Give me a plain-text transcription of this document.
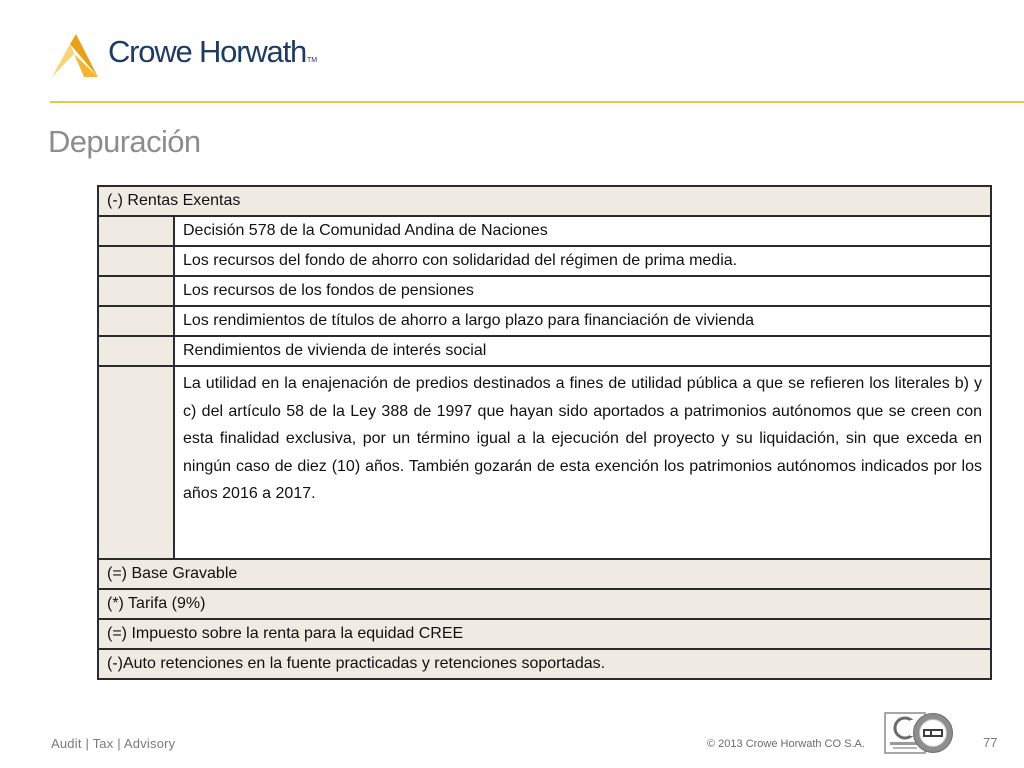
Crowe HorwathTM
Depuración
(-) Rentas Exentas	
	Decisión 578 de la Comunidad Andina de Naciones
	Los recursos del fondo de ahorro con solidaridad del régimen de prima media.
	Los recursos de los fondos de pensiones
	Los rendimientos de títulos de ahorro a largo plazo para financiación de vivienda
	Rendimientos de vivienda de interés social
	La utilidad en la enajenación de predios destinados a fines de utilidad pública a que se refieren los literales b) y c) del artículo 58 de la Ley 388 de 1997 que hayan sido aportados a patrimonios autónomos que se creen con esta finalidad exclusiva, por un término igual a la ejecución del proyecto y su liquidación, sin que exceda en ningún caso de diez (10) años. También gozarán de esta exención los patrimonios autónomos indicados por los años 2016 a 2017.
(=) Base Gravable	
(*) Tarifa (9%)	
(=) Impuesto sobre la renta para la equidad CREE	
(-)Auto retenciones en la fuente practicadas y retenciones soportadas.	
Audit | Tax | Advisory	© 2013 Crowe Horwath CO S.A.	77
